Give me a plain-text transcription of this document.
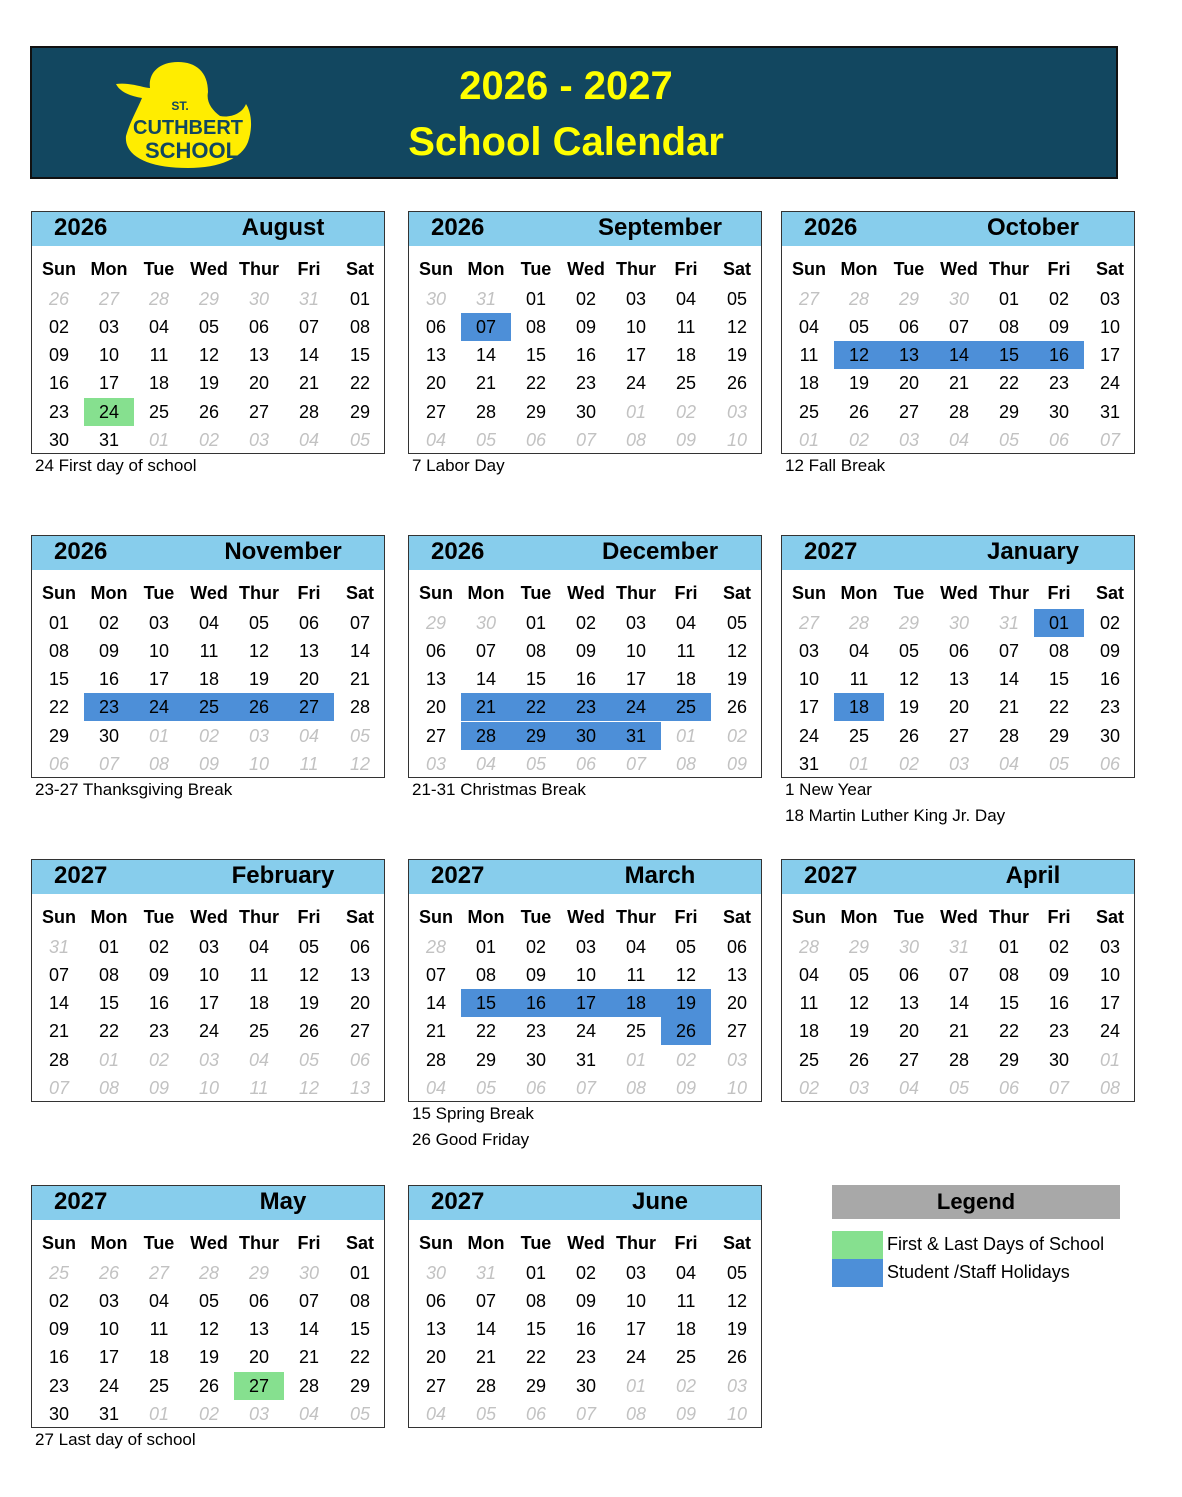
ST.
CUTHBERT
SCHOOL
2026 - 2027
School Calendar
2026	August
Sun Mon Tue Wed Thur	Fri	Sat
26	27	28	29	30	31	01
02	03	04	05	06	07	08
09	10	11	12	13	14	15
16	17	18	19	20	21	22
23	24	25	26	27	28	29
30	31	01	02	03	04	05
24 First day of school
2026	September
Sun Mon Tue Wed Thur	Fri	Sat
30	31	01	02	03	04	05
06	07	08	09	10	11	12
13	14	15	16	17	18	19
20	21	22	23	24	25	26
27	28	29	30	01	02	03
04	05	06	07	08	09	10
7 Labor Day
2026	October
Sun Mon Tue Wed Thur	Fri	Sat
27	28	29	30	01	02	03
04	05	06	07	08	09	10
11	12	13	14	15	16	17
18	19	20	21	22	23	24
25	26	27	28	29	30	31
01	02	03	04	05	06	07
12 Fall Break
2026	November
Sun Mon Tue Wed Thur	Fri	Sat
01	02	03	04	05	06	07
08	09	10	11	12	13	14
15	16	17	18	19	20	21
22	23	24	25	26	27	28
29	30	01	02	03	04	05
06	07	08	09	10	11	12
23-27 Thanksgiving Break
2026	December
Sun Mon Tue Wed Thur	Fri	Sat
29	30	01	02	03	04	05
06	07	08	09	10	11	12
13	14	15	16	17	18	19
20	21	22	23	24	25	26
27	28	29	30	31	01	02
03	04	05	06	07	08	09
21-31 Christmas Break
2027	January
Sun Mon Tue Wed Thur	Fri	Sat
27	28	29	30	31	01	02
03	04	05	06	07	08	09
10	11	12	13	14	15	16
17	18	19	20	21	22	23
24	25	26	27	28	29	30
31	01	02	03	04	05	06
1 New Year
18 Martin Luther King Jr. Day
2027	February
Sun Mon Tue Wed Thur	Fri	Sat
31	01	02	03	04	05	06
07	08	09	10	11	12	13
14	15	16	17	18	19	20
21	22	23	24	25	26	27
28	01	02	03	04	05	06
07	08	09	10	11	12	13
2027	March
Sun Mon Tue Wed Thur	Fri	Sat
28	01	02	03	04	05	06
07	08	09	10	11	12	13
14	15	16	17	18	19	20
21	22	23	24	25	26	27
28	29	30	31	01	02	03
04	05	06	07	08	09	10
15 Spring Break
26 Good Friday
2027	April
Sun Mon Tue Wed Thur	Fri	Sat
28	29	30	31	01	02	03
04	05	06	07	08	09	10
11	12	13	14	15	16	17
18	19	20	21	22	23	24
25	26	27	28	29	30	01
02	03	04	05	06	07	08
2027	May
Sun Mon Tue Wed Thur	Fri	Sat
25	26	27	28	29	30	01
02	03	04	05	06	07	08
09	10	11	12	13	14	15
16	17	18	19	20	21	22
23	24	25	26	27	28	29
30	31	01	02	03	04	05
27 Last day of school
2027	June
Sun Mon Tue Wed Thur	Fri	Sat
30	31	01	02	03	04	05
06	07	08	09	10	11	12
13	14	15	16	17	18	19
20	21	22	23	24	25	26
27	28	29	30	01	02	03
04	05	06	07	08	09	10
Legend
First & Last Days of School
Student /Staff Holidays
